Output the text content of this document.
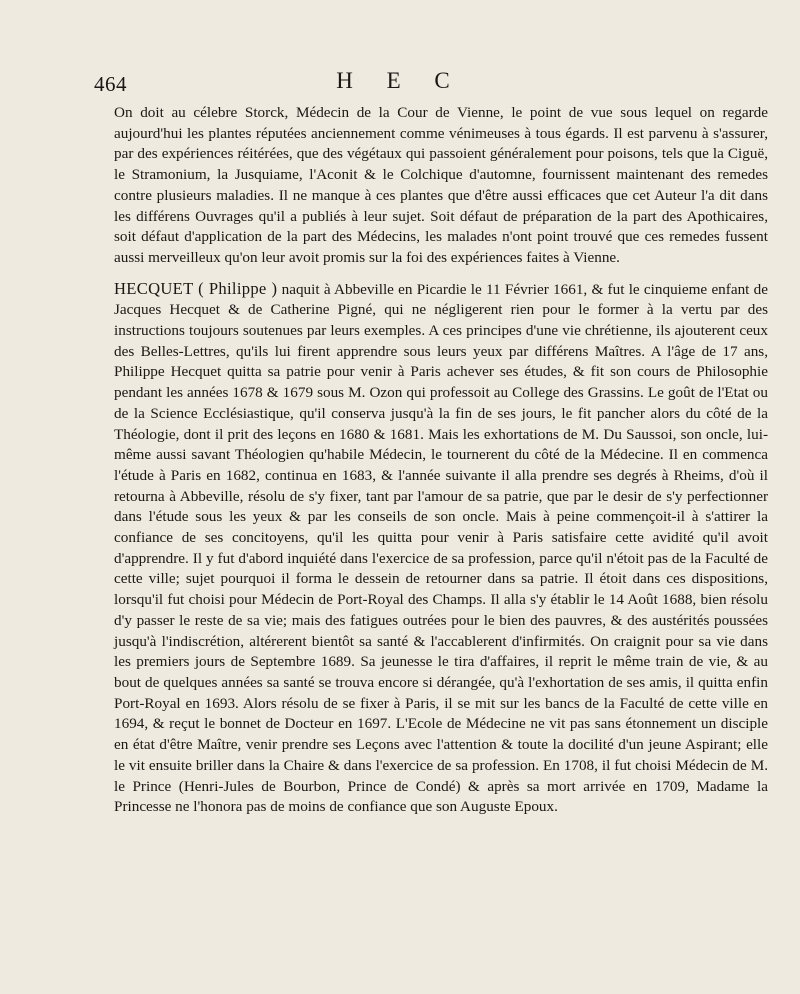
464	H E C

On doit au célebre Storck, Médecin de la Cour de Vienne, le point de vue sous lequel on regarde aujourd'hui les plantes réputées anciennement comme vénimeuses à tous égards. Il est parvenu à s'assurer, par des expériences réitérées, que des végétaux qui passoient généralement pour poisons, tels que la Ciguë, le Stramonium, la Jusquiame, l'Aconit & le Colchique d'automne, fournissent maintenant des remedes contre plusieurs maladies. Il ne manque à ces plantes que d'être aussi efficaces que cet Auteur l'a dit dans les différens Ouvrages qu'il a publiés à leur sujet. Soit défaut de préparation de la part des Apothicaires, soit défaut d'application de la part des Médecins, les malades n'ont point trouvé que ces remedes fussent aussi merveilleux qu'on leur avoit promis sur la foi des expériences faites à Vienne.

HECQUET ( Philippe ) naquit à Abbeville en Picardie le 11 Février 1661, & fut le cinquieme enfant de Jacques Hecquet & de Catherine Pigné, qui ne négligerent rien pour le former à la vertu par des instructions toujours soutenues par leurs exemples. A ces principes d'une vie chrétienne, ils ajouterent ceux des Belles-Lettres, qu'ils lui firent apprendre sous leurs yeux par différens Maîtres. A l'âge de 17 ans, Philippe Hecquet quitta sa patrie pour venir à Paris achever ses études, & fit son cours de Philosophie pendant les années 1678 & 1679 sous M. Ozon qui professoit au College des Grassins. Le goût de l'Etat ou de la Science Ecclésiastique, qu'il conserva jusqu'à la fin de ses jours, le fit pancher alors du côté de la Théologie, dont il prit des leçons en 1680 & 1681. Mais les exhortations de M. Du Saussoi, son oncle, lui-même aussi savant Théologien qu'habile Médecin, le tournerent du côté de la Médecine. Il en commenca l'étude à Paris en 1682, continua en 1683, & l'année suivante il alla prendre ses degrés à Rheims, d'où il retourna à Abbeville, résolu de s'y fixer, tant par l'amour de sa patrie, que par le desir de s'y perfectionner dans l'étude sous les yeux & par les conseils de son oncle. Mais à peine commençoit-il à s'attirer la confiance de ses concitoyens, qu'il les quitta pour venir à Paris satisfaire cette avidité qu'il avoit d'apprendre. Il y fut d'abord inquiété dans l'exercice de sa profession, parce qu'il n'étoit pas de la Faculté de cette ville; sujet pourquoi il forma le dessein de retourner dans sa patrie. Il étoit dans ces dispositions, lorsqu'il fut choisi pour Médecin de Port-Royal des Champs. Il alla s'y établir le 14 Août 1688, bien résolu d'y passer le reste de sa vie; mais des fatigues outrées pour le bien des pauvres, & des austérités poussées jusqu'à l'indiscrétion, altérerent bientôt sa santé & l'accablerent d'infirmités. On craignit pour sa vie dans les premiers jours de Septembre 1689. Sa jeunesse le tira d'affaires, il reprit le même train de vie, & au bout de quelques années sa santé se trouva encore si dérangée, qu'à l'exhortation de ses amis, il quitta enfin Port-Royal en 1693. Alors résolu de se fixer à Paris, il se mit sur les bancs de la Faculté de cette ville en 1694, & reçut le bonnet de Docteur en 1697. L'Ecole de Médecine ne vit pas sans étonnement un disciple en état d'être Maître, venir prendre ses Leçons avec l'attention & toute la docilité d'un jeune Aspirant; elle le vit ensuite briller dans la Chaire & dans l'exercice de sa profession. En 1708, il fut choisi Médecin de M. le Prince (Henri-Jules de Bourbon, Prince de Condé) & après sa mort arrivée en 1709, Madame la Princesse ne l'honora pas de moins de confiance que son Auguste Epoux.
